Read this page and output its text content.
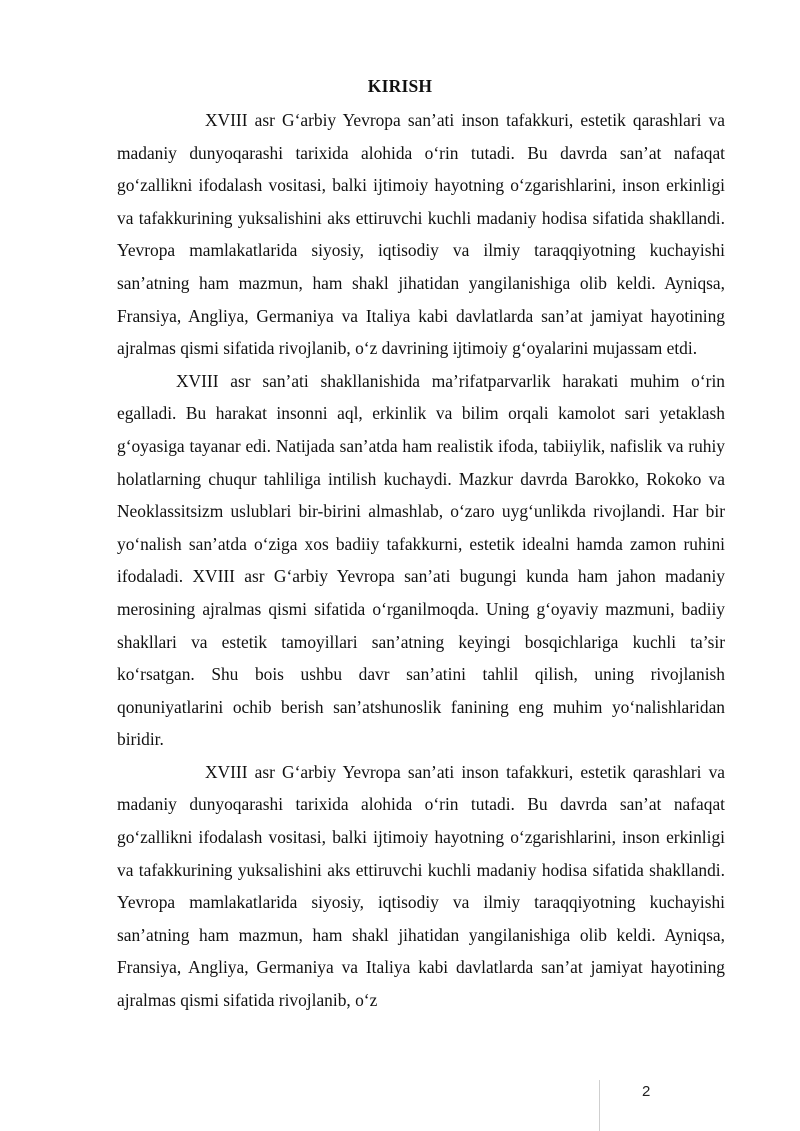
KIRISH

XVIII asr G‘arbiy Yevropa san’ati inson tafakkuri, estetik qarashlari va madaniy dunyoqarashi tarixida alohida o‘rin tutadi. Bu davrda san’at nafaqat go‘zallikni ifodalash vositasi, balki ijtimoiy hayotning o‘zgarishlarini, inson erkinligi va tafakkurining yuksalishini aks ettiruvchi kuchli madaniy hodisa sifatida shakllandi. Yevropa mamlakatlarida siyosiy, iqtisodiy va ilmiy taraqqiyotning kuchayishi san’atning ham mazmun, ham shakl jihatidan yangilanishiga olib keldi. Ayniqsa, Fransiya, Angliya, Germaniya va Italiya kabi davlatlarda san’at jamiyat hayotining ajralmas qismi sifatida rivojlanib, o‘z davrining ijtimoiy g‘oyalarini mujassam etdi.

XVIII asr san’ati shakllanishida ma’rifatparvarlik harakati muhim o‘rin egalladi. Bu harakat insonni aql, erkinlik va bilim orqali kamolot sari yetaklash g‘oyasiga tayanar edi. Natijada san’atda ham realistik ifoda, tabiiylik, nafislik va ruhiy holatlarning chuqur tahliliga intilish kuchaydi. Mazkur davrda Barokko, Rokoko va Neoklassitsizm uslublari bir-birini almashlab, o‘zaro uyg‘unlikda rivojlandi. Har bir yo‘nalish san’atda o‘ziga xos badiiy tafakkurni, estetik idealni hamda zamon ruhini ifodaladi. XVIII asr G‘arbiy Yevropa san’ati bugungi kunda ham jahon madaniy merosining ajralmas qismi sifatida o‘rganilmoqda. Uning g‘oyaviy mazmuni, badiiy shakllari va estetik tamoyillari san’atning keyingi bosqichlariga kuchli ta’sir ko‘rsatgan. Shu bois ushbu davr san’atini tahlil qilish, uning rivojlanish qonuniyatlarini ochib berish san’atshunoslik fanining eng muhim yo‘nalishlaridan biridir.

XVIII asr G‘arbiy Yevropa san’ati inson tafakkuri, estetik qarashlari va madaniy dunyoqarashi tarixida alohida o‘rin tutadi. Bu davrda san’at nafaqat go‘zallikni ifodalash vositasi, balki ijtimoiy hayotning o‘zgarishlarini, inson erkinligi va tafakkurining yuksalishini aks ettiruvchi kuchli madaniy hodisa sifatida shakllandi. Yevropa mamlakatlarida siyosiy, iqtisodiy va ilmiy taraqqiyotning kuchayishi san’atning ham mazmun, ham shakl jihatidan yangilanishiga olib keldi. Ayniqsa, Fransiya, Angliya, Germaniya va Italiya kabi davlatlarda san’at jamiyat hayotining ajralmas qismi sifatida rivojlanib, o‘z

2
